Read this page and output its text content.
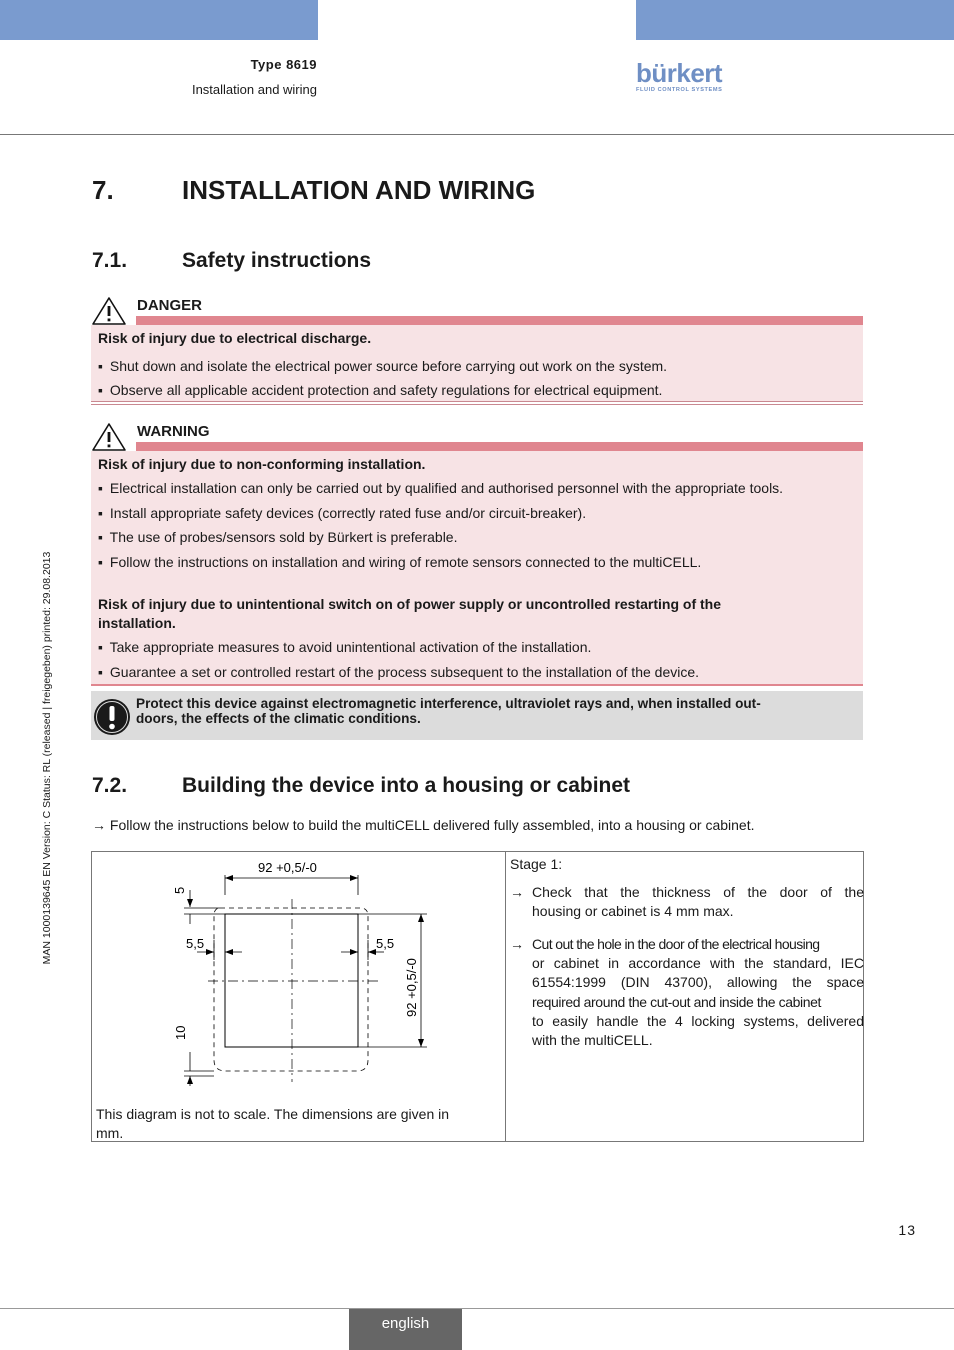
Type 8619
Installation and wiring
bürkert
FLUID CONTROL SYSTEMS
7.	INSTALLATION AND WIRING
7.1.	Safety instructions
DANGER
Risk of injury due to electrical discharge.
▪ Shut down and isolate the electrical power source before carrying out work on the system.
▪ Observe all applicable accident protection and safety regulations for electrical equipment.
WARNING
Risk of injury due to non-conforming installation.
▪ Electrical installation can only be carried out by qualified and authorised personnel with the appropriate tools.
▪ Install appropriate safety devices (correctly rated fuse and/or circuit-breaker).
▪ The use of probes/sensors sold by Bürkert is preferable.
▪ Follow the instructions on installation and wiring of remote sensors connected to the multiCELL.
Risk of injury due to unintentional switch on of power supply or uncontrolled restarting of the
installation.
▪ Take appropriate measures to avoid unintentional activation of the installation.
▪ Guarantee a set or controlled restart of the process subsequent to the installation of the device.
Protect this device against electromagnetic interference, ultraviolet rays and, when installed out-
doors, the effects of the climatic conditions.
7.2.	Building the device into a housing or cabinet
→ Follow the instructions below to build the multiCELL delivered fully assembled, into a housing or cabinet.
92 +0,5/-0
5
5,5	5,5
10
92 +0,5/-0
This diagram is not to scale. The dimensions are given in
mm.

Stage 1:
→ Check that the thickness of the door of the
housing or cabinet is 4 mm max.
→ Cut out the hole in the door of the electrical housing
or cabinet in accordance with the standard, IEC
61554:1999 (DIN 43700), allowing the space
required around the cut-out and inside the cabinet
to easily handle the 4 locking systems, delivered
with the multiCELL.
MAN 1000139645 EN Version: C Status: RL (released | freigegeben) printed: 29.08.2013
13
english
